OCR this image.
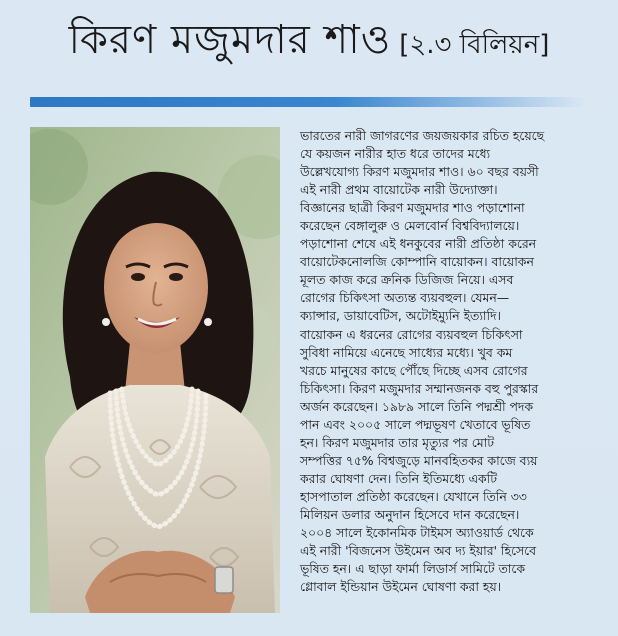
কিরণ মজুমদার শাও [২.৩ বিলিয়ন]
ভারতের নারী জাগরণের জয়জয়কার রচিত হয়েছে
যে কয়জন নারীর হাত ধরে তাদের মধ্যে
উল্লেখযোগ্য কিরণ মজুমদার শাও। ৬০ বছর বয়সী
এই নারী প্রথম বায়োটেক নারী উদ্যোক্তা।
বিজ্ঞানের ছাত্রী কিরণ মজুমদার শাও পড়াশোনা
করেছেন বেঙ্গালুরু ও মেলবোর্ন বিশ্ববিদ্যালয়ে।
পড়াশোনা শেষে এই ধনকুবের নারী প্রতিষ্ঠা করেন
বায়োটেকনোলজি কোম্পানি বায়োকন। বায়োকন
মূলত কাজ করে ক্রনিক ডিজিজ নিয়ে। এসব
রোগের চিকিৎসা অত্যন্ত ব্যয়বহুল। যেমন—
ক্যান্সার, ডায়াবেটিস, অটোইম্যুনি ইত্যাদি।
বায়োকন এ ধরনের রোগের ব্যয়বহুল চিকিৎসা
সুবিধা নামিয়ে এনেছে সাধ্যের মধ্যে। খুব কম
খরচে মানুষের কাছে পৌঁছে দিচ্ছে এসব রোগের
চিকিৎসা। কিরণ মজুমদার সম্মানজনক বহু পুরস্কার
অর্জন করেছেন। ১৯৮৯ সালে তিনি পদ্মশ্রী পদক
পান এবং ২০০৫ সালে পদ্মভূষণ খেতাবে ভূষিত
হন। কিরণ মজুমদার তার মৃত্যুর পর মোট
সম্পত্তির ৭৫% বিশ্বজুড়ে মানবহিতকর কাজে ব্যয়
করার ঘোষণা দেন। তিনি ইতিমধ্যে একটি
হাসপাতাল প্রতিষ্ঠা করেছেন। যেখানে তিনি ৩৩
মিলিয়ন ডলার অনুদান হিসেবে দান করেছেন।
২০০৪ সালে ইকোনমিক টাইমস অ্যাওয়ার্ড থেকে
এই নারী 'বিজনেস উইমেন অব দ্য ইয়ার' হিসেবে
ভূষিত হন। এ ছাড়া ফার্মা লিডার্স সামিটে তাকে
গ্লোবাল ইন্ডিয়ান উইমেন ঘোষণা করা হয়।
